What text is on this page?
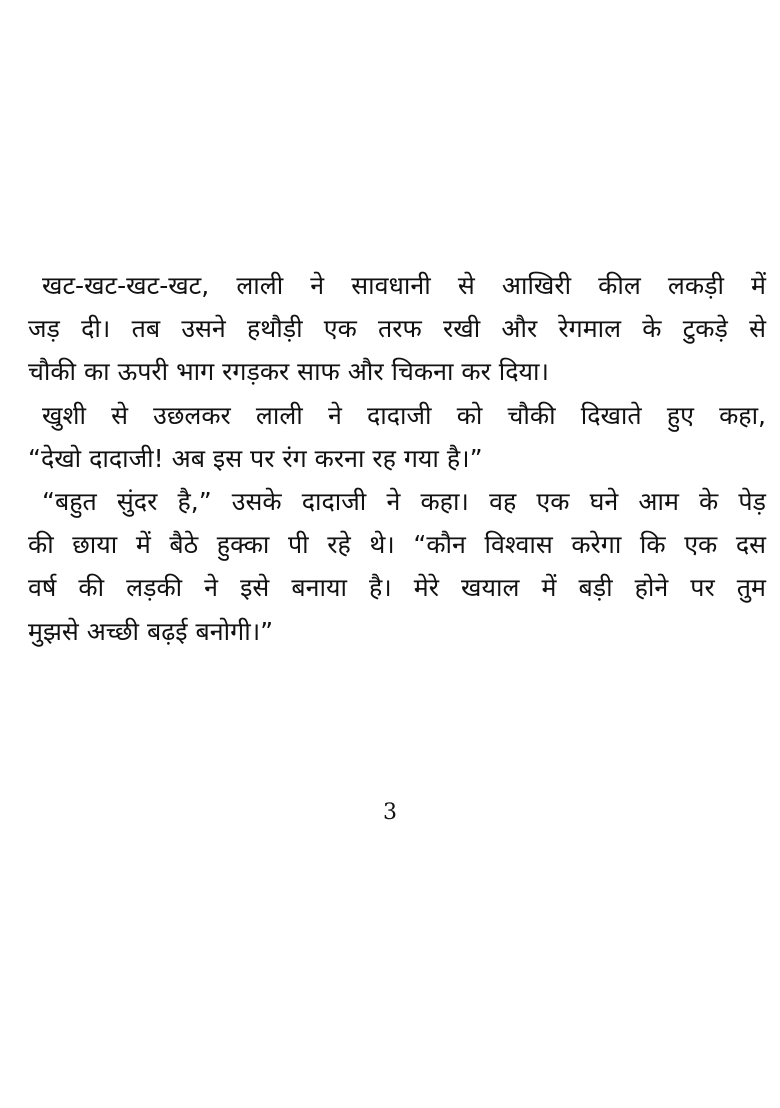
खट-खट-खट-खट, लाली ने सावधानी से आखिरी कील लकड़ी में
जड़ दी। तब उसने हथौड़ी एक तरफ रखी और रेगमाल के टुकड़े से
चौकी का ऊपरी भाग रगड़कर साफ और चिकना कर दिया।
खुशी से उछलकर लाली ने दादाजी को चौकी दिखाते हुए कहा,
“देखो दादाजी! अब इस पर रंग करना रह गया है।”
“बहुत सुंदर है,” उसके दादाजी ने कहा। वह एक घने आम के पेड़
की छाया में बैठे हुक्का पी रहे थे। “कौन विश्वास करेगा कि एक दस
वर्ष की लड़की ने इसे बनाया है। मेरे खयाल में बड़ी होने पर तुम
मुझसे अच्छी बढ़ई बनोगी।”
3
